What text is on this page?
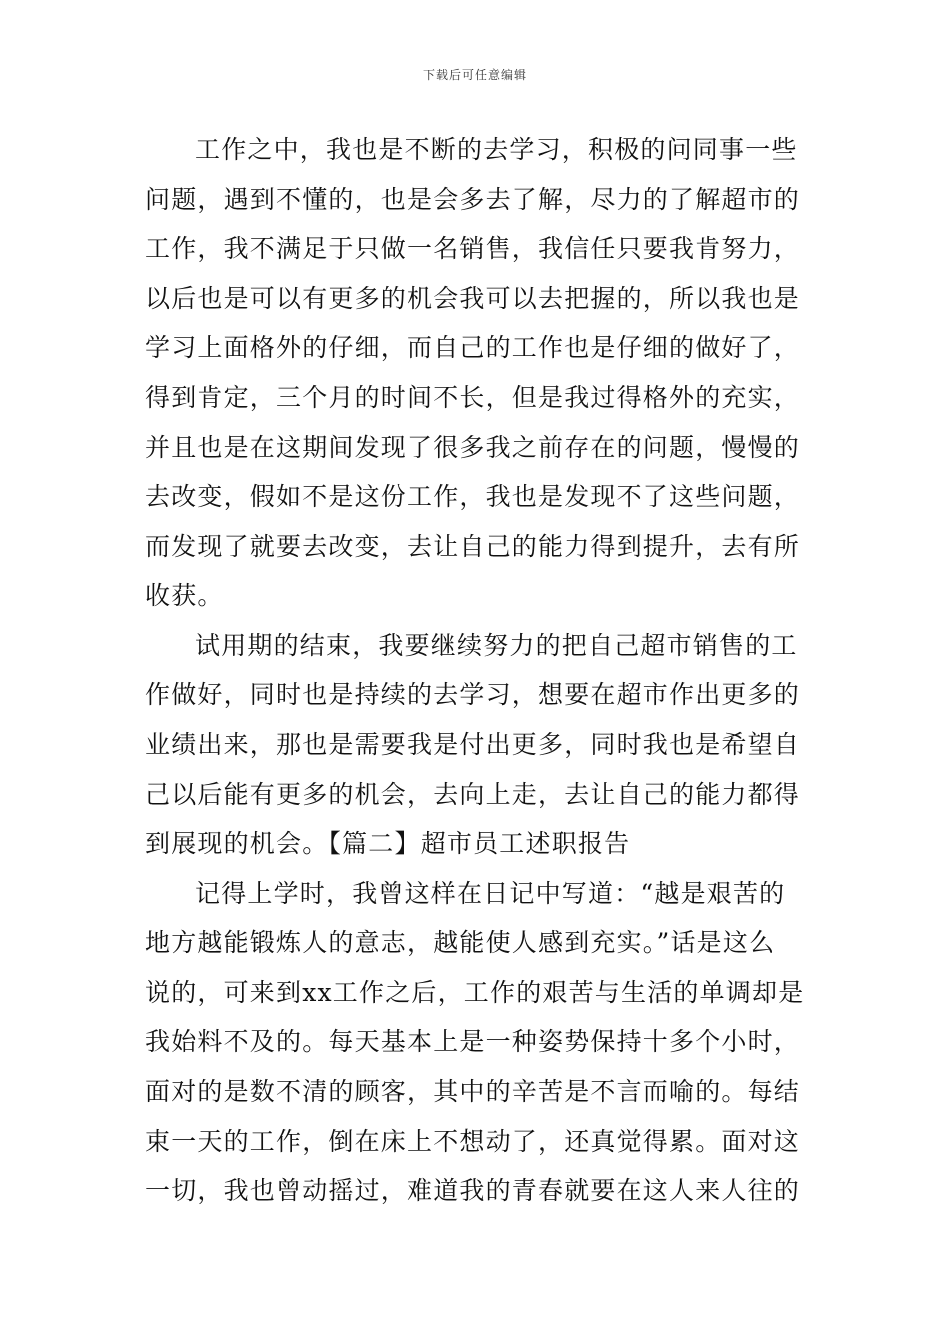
下载后可任意编辑
工作之中，我也是不断的去学习，积极的问同事一些
问题，遇到不懂的，也是会多去了解，尽力的了解超市的
工作，我不满足于只做一名销售，我信任只要我肯努力，
以后也是可以有更多的机会我可以去把握的，所以我也是
学习上面格外的仔细，而自己的工作也是仔细的做好了，
得到肯定，三个月的时间不长，但是我过得格外的充实，
并且也是在这期间发现了很多我之前存在的问题，慢慢的
去改变，假如不是这份工作，我也是发现不了这些问题，
而发现了就要去改变，去让自己的能力得到提升，去有所
收获。
试用期的结束，我要继续努力的把自己超市销售的工
作做好，同时也是持续的去学习，想要在超市作出更多的
业绩出来，那也是需要我是付出更多，同时我也是希望自
己以后能有更多的机会，去向上走，去让自己的能力都得
到展现的机会。【篇二】超市员工述职报告
记得上学时，我曾这样在日记中写道：“越是艰苦的
地方越能锻炼人的意志，越能使人感到充实。”话是这么
说的，可来到xx工作之后，工作的艰苦与生活的单调却是
我始料不及的。每天基本上是一种姿势保持十多个小时，
面对的是数不清的顾客，其中的辛苦是不言而喻的。每结
束一天的工作，倒在床上不想动了，还真觉得累。面对这
一切，我也曾动摇过，难道我的青春就要在这人来人往的
